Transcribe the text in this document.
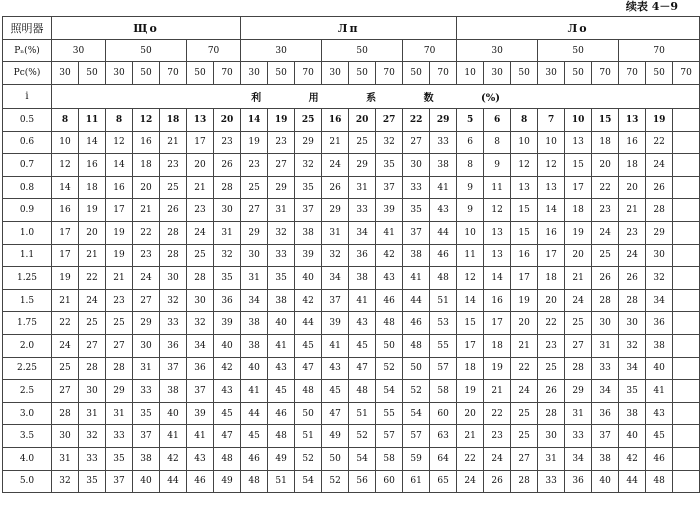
续表 4－9
照明器	Що							Лп								Ло								
Pₙ(%)	30		50			70		30			50			70		30			50			70		
Pc(%)	30	50	30	50	70	50	70	30	50	70	30	50	70	50	70	10	30	50	30	50	70	70	50	70
i	利 用 系 数 (%)																							
0.5	8	11	8	12	18	13	20	14	19	25	16	20	27	22	29	5	6	8	7	10	15	13	19	
0.6	10	14	12	16	21	17	23	19	23	29	21	25	32	27	33	6	8	10	10	13	18	16	22	
0.7	12	16	14	18	23	20	26	23	27	32	24	29	35	30	38	8	9	12	12	15	20	18	24	
0.8	14	18	16	20	25	21	28	25	29	35	26	31	37	33	41	9	11	13	13	17	22	20	26	
0.9	16	19	17	21	26	23	30	27	31	37	29	33	39	35	43	9	12	15	14	18	23	21	28	
1.0	17	20	19	22	28	24	31	29	32	38	31	34	41	37	44	10	13	15	16	19	24	23	29	
1.1	17	21	19	23	28	25	32	30	33	39	32	36	42	38	46	11	13	16	17	20	25	24	30	
1.25	19	22	21	24	30	28	35	31	35	40	34	38	43	41	48	12	14	17	18	21	26	26	32	
1.5	21	24	23	27	32	30	36	34	38	42	37	41	46	44	51	14	16	19	20	24	28	28	34	
1.75	22	25	25	29	33	32	39	38	40	44	39	43	48	46	53	15	17	20	22	25	30	30	36	
2.0	24	27	27	30	36	34	40	38	41	45	41	45	50	48	55	17	18	21	23	27	31	32	38	
2.25	25	28	28	31	37	36	42	40	43	47	43	47	52	50	57	18	19	22	25	28	33	34	40	
2.5	27	30	29	33	38	37	43	41	45	48	45	48	54	52	58	19	21	24	26	29	34	35	41	
3.0	28	31	31	35	40	39	45	44	46	50	47	51	55	54	60	20	22	25	28	31	36	38	43	
3.5	30	32	33	37	41	41	47	45	48	51	49	52	57	57	63	21	23	25	30	33	37	40	45	
4.0	31	33	35	38	42	43	48	46	49	52	50	54	58	59	64	22	24	27	31	34	38	42	46	
5.0	32	35	37	40	44	46	49	48	51	54	52	56	60	61	65	24	26	28	33	36	40	44	48	
